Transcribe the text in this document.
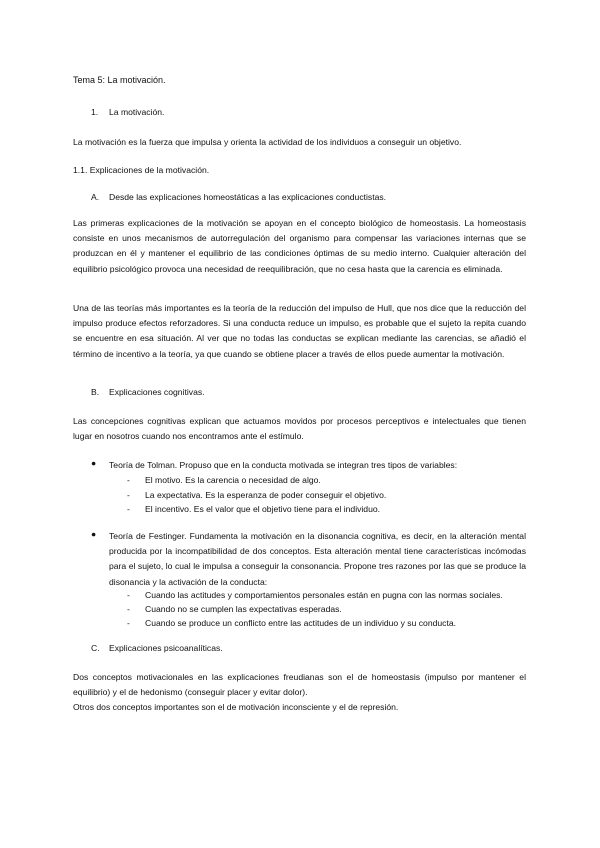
Tema 5: La motivación.

1. La motivación.

La motivación es la fuerza que impulsa y orienta la actividad de los individuos a conseguir un objetivo.

1.1. Explicaciones de la motivación.

A. Desde las explicaciones homeostáticas a las explicaciones conductistas.

Las primeras explicaciones de la motivación se apoyan en el concepto biológico de homeostasis. La homeostasis consiste en unos mecanismos de autorregulación del organismo para compensar las variaciones internas que se produzcan en él y mantener el equilibrio de las condiciones óptimas de su medio interno. Cualquier alteración del equilibrio psicológico provoca una necesidad de reequilibración, que no cesa hasta que la carencia es eliminada.

Una de las teorías más importantes es la teoría de la reducción del impulso de Hull, que nos dice que la reducción del impulso produce efectos reforzadores. Si una conducta reduce un impulso, es probable que el sujeto la repita cuando se encuentre en esa situación. Al ver que no todas las conductas se explican mediante las carencias, se añadió el término de incentivo a la teoría, ya que cuando se obtiene placer a través de ellos puede aumentar la motivación.

B. Explicaciones cognitivas.

Las concepciones cognitivas explican que actuamos movidos por procesos perceptivos e intelectuales que tienen lugar en nosotros cuando nos encontramos ante el estímulo.

● Teoría de Tolman. Propuso que en la conducta motivada se integran tres tipos de variables:

- El motivo. Es la carencia o necesidad de algo.

- La expectativa. Es la esperanza de poder conseguir el objetivo.

- El incentivo. Es el valor que el objetivo tiene para el individuo.

● Teoría de Festinger. Fundamenta la motivación en la disonancia cognitiva, es decir, en la alteración mental producida por la incompatibilidad de dos conceptos. Esta alteración mental tiene características incómodas para el sujeto, lo cual le impulsa a conseguir la consonancia. Propone tres razones por las que se produce la disonancia y la activación de la conducta:

- Cuando las actitudes y comportamientos personales están en pugna con las normas sociales.

- Cuando no se cumplen las expectativas esperadas.

- Cuando se produce un conflicto entre las actitudes de un individuo y su conducta.

C. Explicaciones psicoanalíticas.

Dos conceptos motivacionales en las explicaciones freudianas son el de homeostasis (impulso por mantener el equilibrio) y el de hedonismo (conseguir placer y evitar dolor).

Otros dos conceptos importantes son el de motivación inconsciente y el de represión.
